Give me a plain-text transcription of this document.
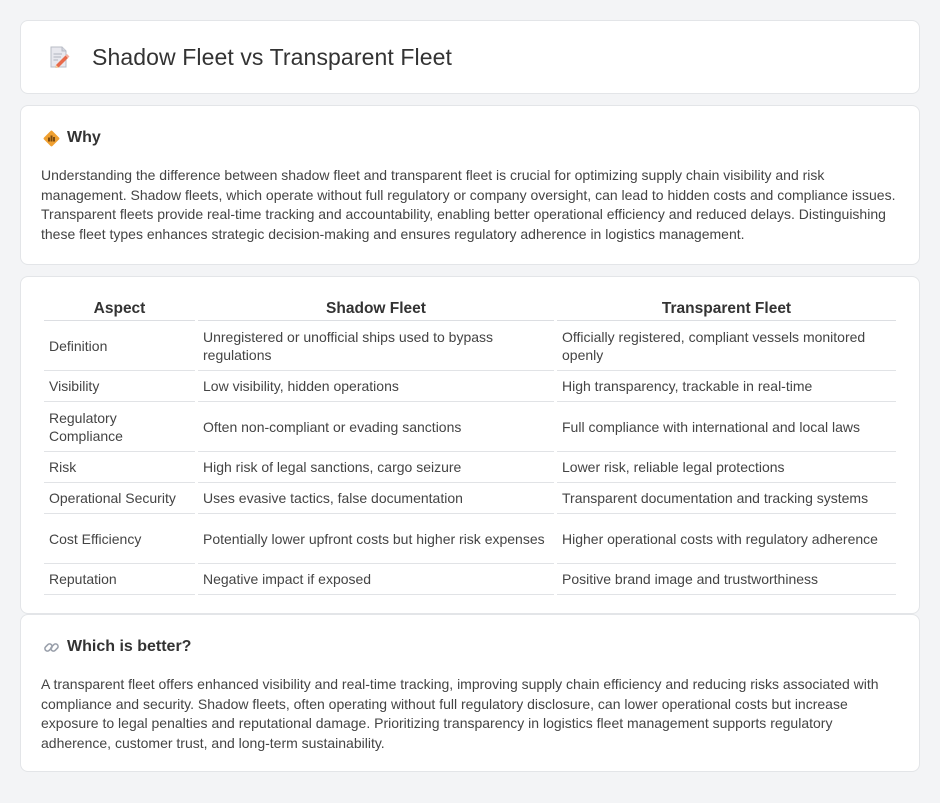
Shadow Fleet vs Transparent Fleet
Why

Understanding the difference between shadow fleet and transparent fleet is crucial for optimizing supply chain visibility and risk management. Shadow fleets, which operate without full regulatory or company oversight, can lead to hidden costs and compliance issues. Transparent fleets provide real-time tracking and accountability, enabling better operational efficiency and reduced delays. Distinguishing these fleet types enhances strategic decision-making and ensures regulatory adherence in logistics management.

Aspect	Shadow Fleet	Transparent Fleet
Definition	Unregistered or unofficial ships used to bypass regulations	Officially registered, compliant vessels monitored openly
Visibility	Low visibility, hidden operations	High transparency, trackable in real-time
Regulatory Compliance	Often non-compliant or evading sanctions	Full compliance with international and local laws
Risk	High risk of legal sanctions, cargo seizure	Lower risk, reliable legal protections
Operational Security	Uses evasive tactics, false documentation	Transparent documentation and tracking systems
Cost Efficiency	Potentially lower upfront costs but higher risk expenses	Higher operational costs with regulatory adherence
Reputation	Negative impact if exposed	Positive brand image and trustworthiness
Which is better?

A transparent fleet offers enhanced visibility and real-time tracking, improving supply chain efficiency and reducing risks associated with compliance and security. Shadow fleets, often operating without full regulatory disclosure, can lower operational costs but increase exposure to legal penalties and reputational damage. Prioritizing transparency in logistics fleet management supports regulatory adherence, customer trust, and long-term sustainability.
